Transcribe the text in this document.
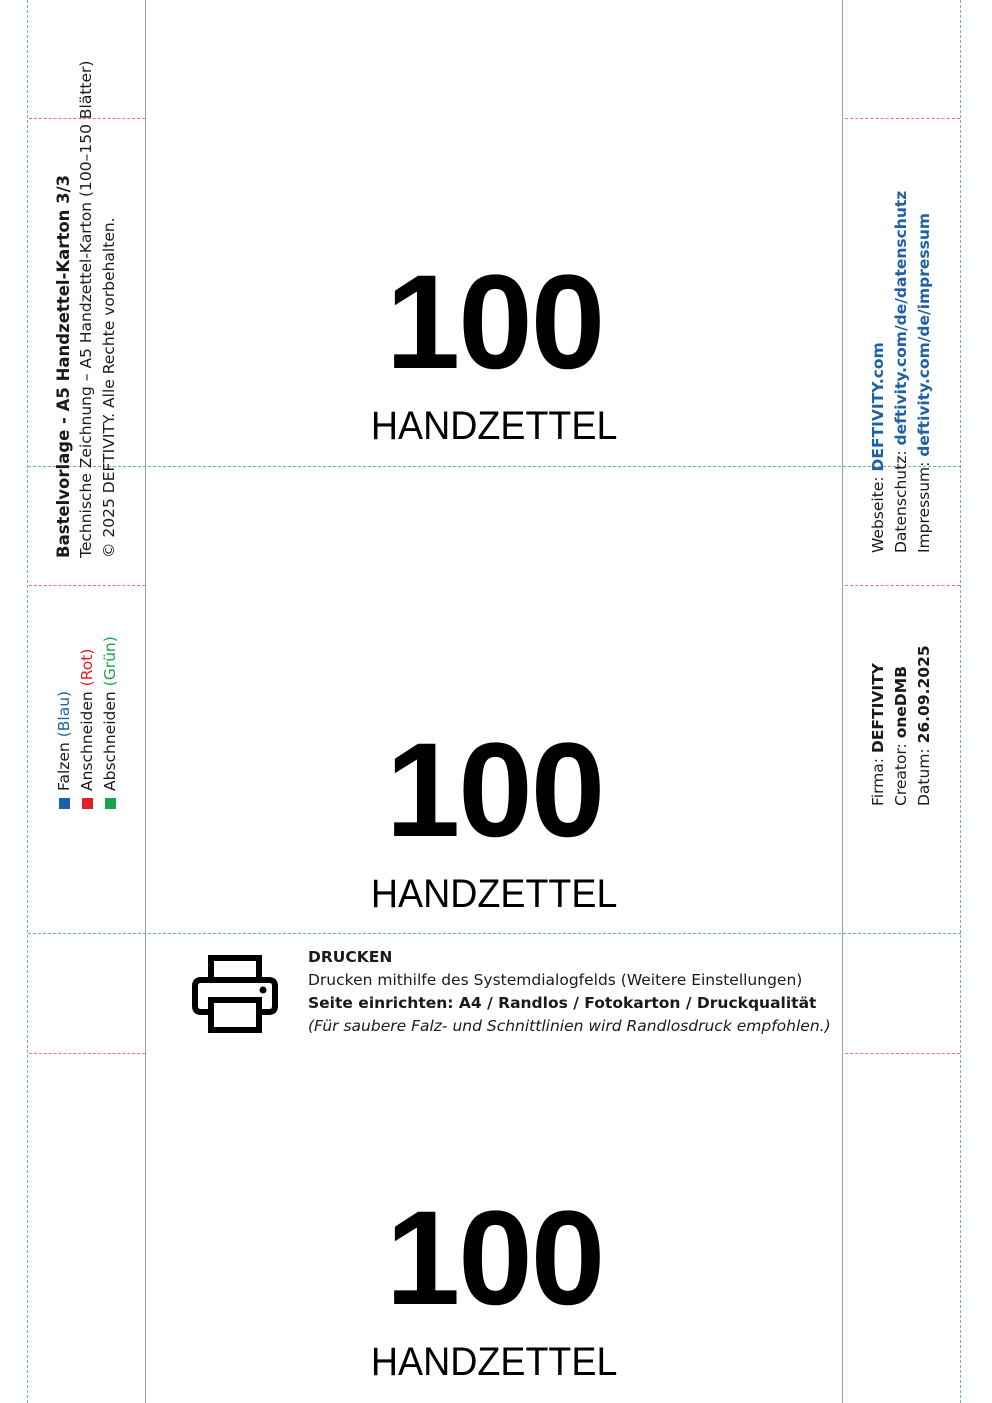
Bastelvorlage - A5 Handzettel-Karton 3/3 Technische Zeichnung – A5 Handzettel-Karton (100–150 Blätter) © 2025 DEFTIVITY. Alle Rechte vorbehalten.
Falzen (Blau) Anschneiden (Rot)
Abschneiden (Grün)
Webseite: DEFTIVITY.com
Datenschutz: deftivity.com/de/datenschutz
Impressum: deftivity.com/de/impressum
Firma: DEFTIVITY
Creator: oneDMB
Datum: 26.09.2025
100
HANDZETTEL
100
HANDZETTEL
100
HANDZETTEL
DRUCKEN
Drucken mithilfe des Systemdialogfelds (Weitere Einstellungen)
Seite einrichten: A4 / Randlos / Fotokarton / Druckqualität
(Für saubere Falz- und Schnittlinien wird Randlosdruck empfohlen.)
